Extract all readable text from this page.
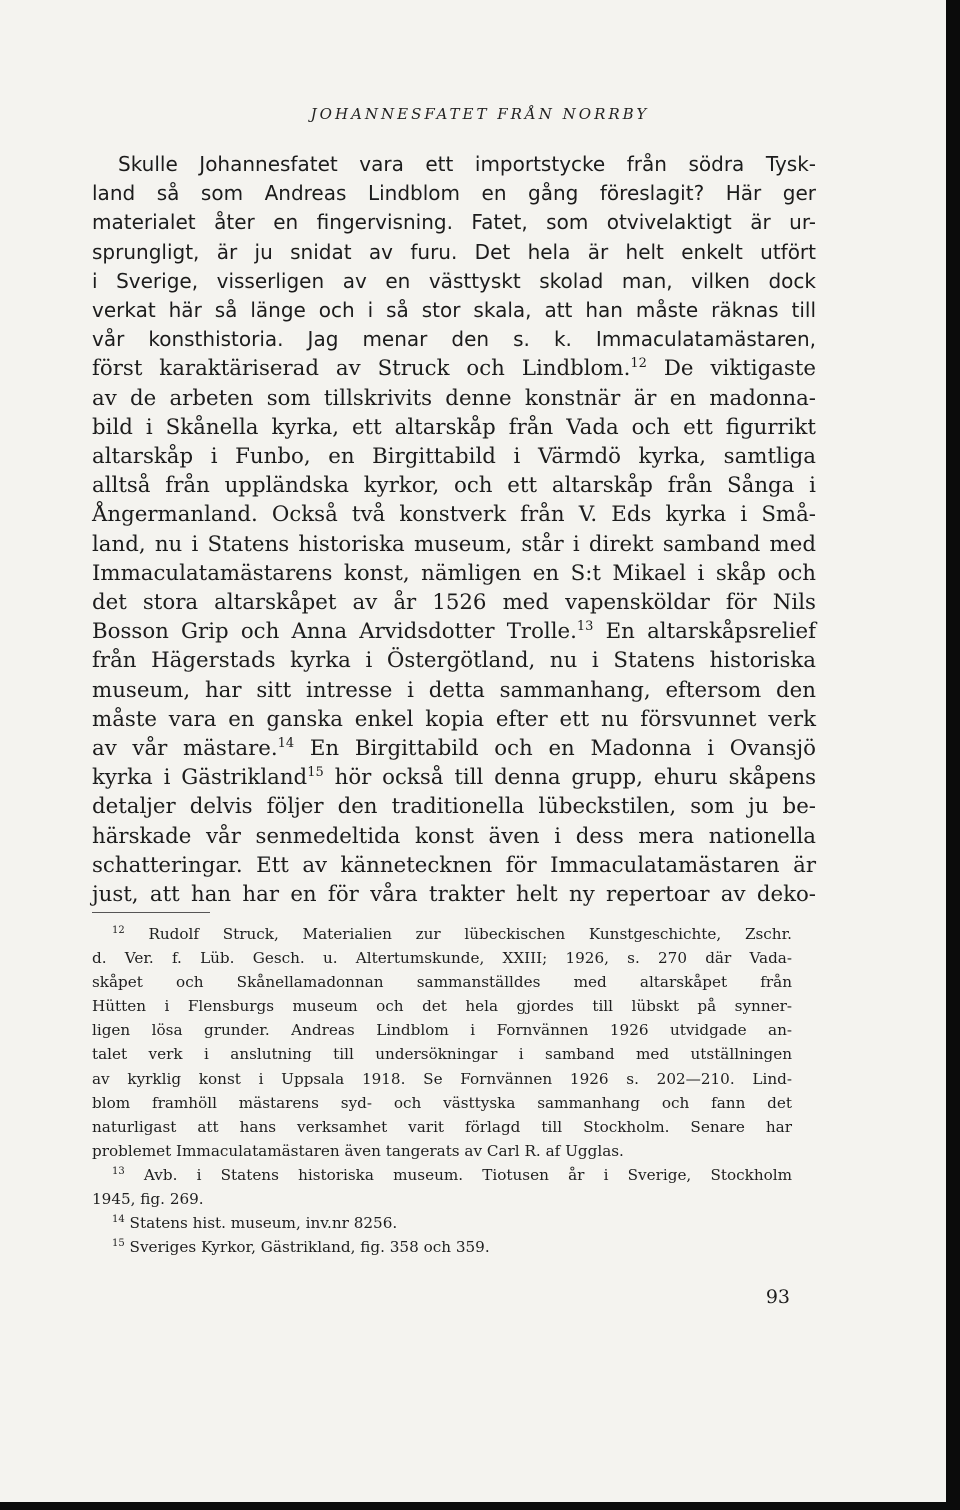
JOHANNESFATET FRÅN NORRBY
Skulle Johannesfatet vara ett importstycke från södra Tysk-
land så som Andreas Lindblom en gång föreslagit? Här ger
materialet åter en fingervisning. Fatet, som otvivelaktigt är ur-
sprungligt, är ju snidat av furu. Det hela är helt enkelt utfört
i Sverige, visserligen av en västtyskt skolad man, vilken dock
verkat här så länge och i så stor skala, att han måste räknas till
vår konsthistoria. Jag menar den s. k. Immaculatamästaren,
först karaktäriserad av Struck och Lindblom.$^{12}$ De viktigaste
av de arbeten som tillskrivits denne konstnär är en madonna-
bild i Skånella kyrka, ett altarskåp från Vada och ett figurrikt
altarskåp i Funbo, en Birgittabild i Värmdö kyrka, samtliga
alltså från uppländska kyrkor, och ett altarskåp från Sånga i
Ångermanland. Också två konstverk från V. Eds kyrka i Små-
land, nu i Statens historiska museum, står i direkt samband med
Immaculatamästarens konst, nämligen en S:t Mikael i skåp och
det stora altarskåpet av år 1526 med vapensköldar för Nils
Bosson Grip och Anna Arvidsdotter Trolle.$^{13}$ En altarskåpsrelief
från Hägerstads kyrka i Östergötland, nu i Statens historiska
museum, har sitt intresse i detta sammanhang, eftersom den
måste vara en ganska enkel kopia efter ett nu försvunnet verk
av vår mästare.$^{14}$ En Birgittabild och en Madonna i Ovansjö
kyrka i Gästrikland$^{15}$ hör också till denna grupp, ehuru skåpens
detaljer delvis följer den traditionella lübeckstilen, som ju be-
härskade vår senmedeltida konst även i dess mera nationella
schatteringar. Ett av kännetecknen för Immaculatamästaren är
just, att han har en för våra trakter helt ny repertoar av deko-
$^{12}$ Rudolf Struck, Materialien zur lübeckischen Kunstgeschichte, Zschr.
d. Ver. f. Lüb. Gesch. u. Altertumskunde, XXIII; 1926, s. 270 där Vada-
skåpet och Skånellamadonnan sammanställdes med altarskåpet från
Hütten i Flensburgs museum och det hela gjordes till lübskt på synner-
ligen lösa grunder. Andreas Lindblom i Fornvännen 1926 utvidgade an-
talet verk i anslutning till undersökningar i samband med utställningen
av kyrklig konst i Uppsala 1918. Se Fornvännen 1926 s. 202—210. Lind-
blom framhöll mästarens syd- och västtyska sammanhang och fann det
naturligast att hans verksamhet varit förlagd till Stockholm. Senare har
problemet Immaculatamästaren även tangerats av Carl R. af Ugglas.
$^{13}$ Avb. i Statens historiska museum. Tiotusen år i Sverige, Stockholm
1945, fig. 269.
$^{14}$ Statens hist. museum, inv.nr 8256.
$^{15}$ Sveriges Kyrkor, Gästrikland, fig. 358 och 359.
93
